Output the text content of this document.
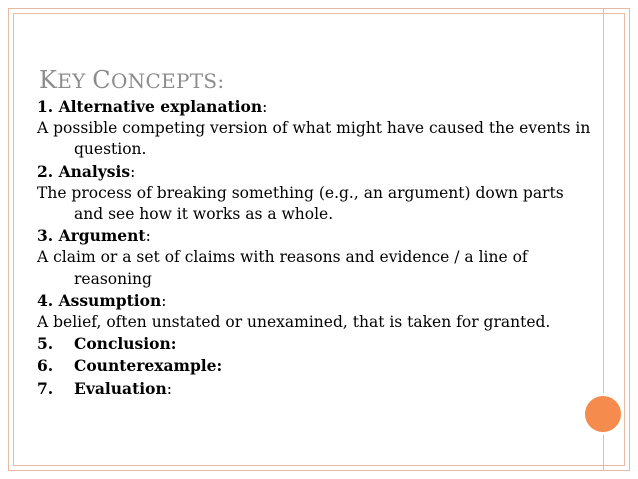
KEY CONCEPTS:
1. Alternative explanation:
A possible competing version of what might have caused the events in question.
2. Analysis:
The process of breaking something (e.g., an argument) down parts and see how it works as a whole.
3. Argument:
A claim or a set of claims with reasons and evidence / a line of reasoning
4. Assumption:
A belief, often unstated or unexamined, that is taken for granted.
5. Conclusion:
6. Counterexample:
7. Evaluation:
